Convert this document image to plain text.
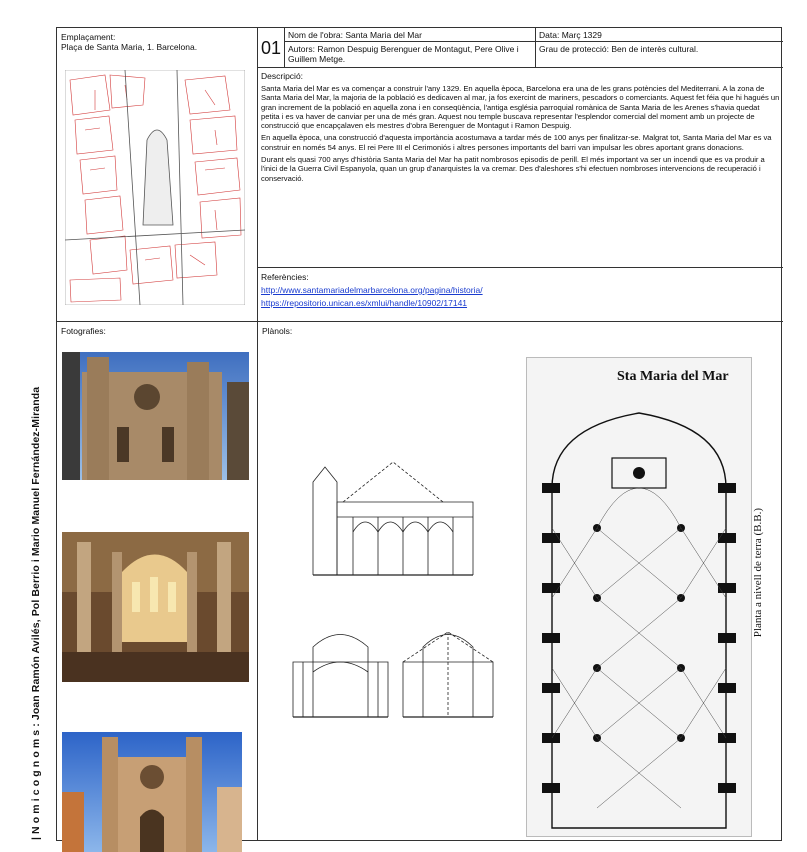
| N o m i c o g n o m s : Joan Ramón Avilés, Pol Berrio i Mario Manuel Fernández-Miranda
Emplaçament:
Plaça de Santa Maria, 1. Barcelona.	01
Nom de l'obra: Santa Maria del Mar	Data: Març 1329
Autors: Ramon Despuig Berenguer de Montagut, Pere Olive i Guillem Metge.
Grau de protecció: Ben de interès cultural.
Descripció:

Santa Maria del Mar es va començar a construir l'any 1329. En aquella època, Barcelona era una de les grans potències del Mediterrani. A la zona de Santa Maria del Mar, la majoria de la població es dedicaven al mar, ja fos exercint de mariners, pescadors o comerciants. Aquest fet féia que hi hagués un gran increment de la població en aquella zona i en conseqüència, l'antiga església parroquial romànica de Santa Maria de les Arenes s'havia quedat petita i es va haver de canviar per una de més gran. Aquest nou temple buscava representar l'esplendor comercial del moment amb un projecte de construcció que encapçalaven els mestres d'obra Berenguer de Montagut i Ramon Despuig.

En aquella època, una construcció d'aquesta importància acostumava a tardar més de 100 anys per finalitzar-se. Malgrat tot, Santa Maria del Mar es va construir en només 54 anys. El rei Pere III el Cerimoniós i altres persones importants del barri van impulsar les obres aportant grans donacions.

Durant els quasi 700 anys d'història Santa Maria del Mar ha patit nombrosos episodis de perill. El més important va ser un incendi que es va produir a l'inici de la Guerra Civil Espanyola, quan un grup d'anarquistes la va cremar. Des d'aleshores s'hi efectuen nombroses intervencions de recuperació i conservació.

Referències:
http://www.santamariadelmarbarcelona.org/pagina/historia/
https://repositorio.unican.es/xmlui/handle/10902/17141
Fotografies:	Plànols:
Sta Maria del Mar
Planta a nivell de terra (B.B.)
